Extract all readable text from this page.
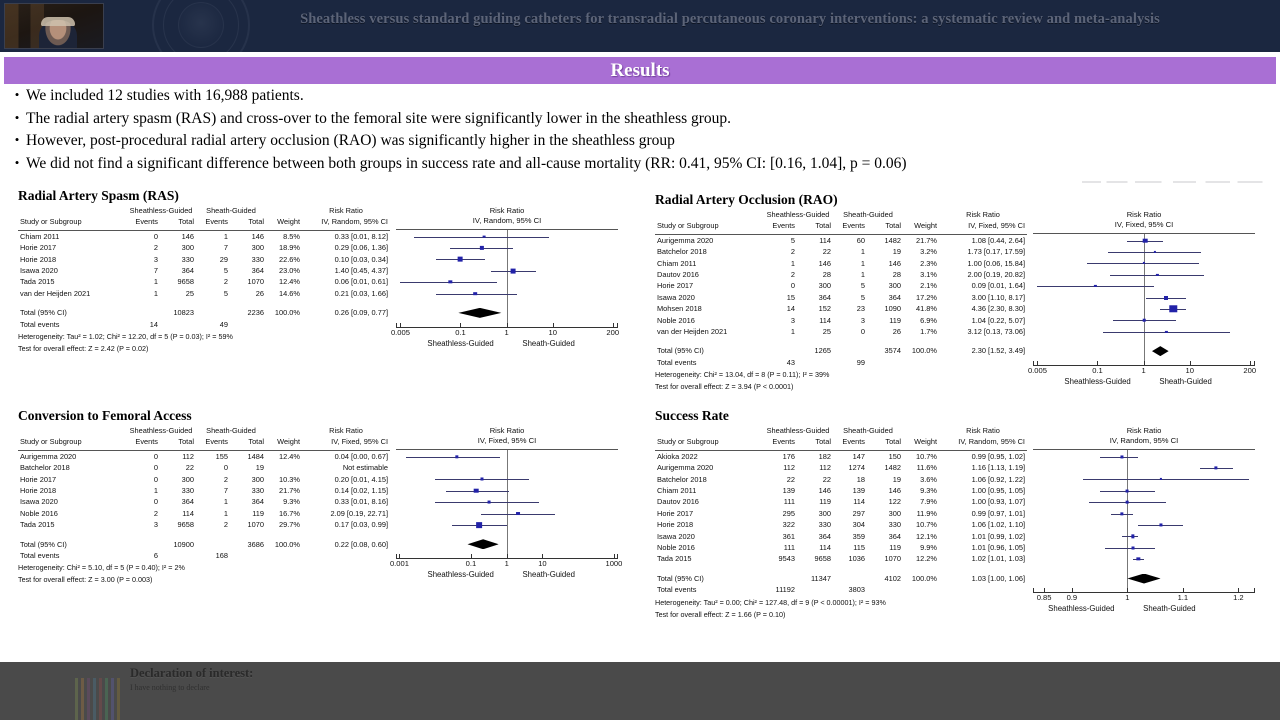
Sheathless versus standard guiding catheters for transradial percutaneous coronary interventions: a systematic review and meta-analysis
Results
• We included 12 studies with 16,988 patients.
• The radial artery spasm (RAS) and cross-over to the femoral site were significantly lower in the sheathless group.
• However, post-procedural radial artery occlusion (RAO) was significantly higher in the sheathless group
• We did not find a significant difference between both groups in success rate and all-cause mortality (RR: 0.41, 95% CI: [0.16, 1.04], p = 0.06)
Radial Artery Spasm (RAS)
	Sheathless-Guided		Sheath-Guided			Risk Ratio
Study or Subgroup	Events	Total	Events	Total	Weight	IV, Random, 95% CI

Chiam 2011	0	146	1	146	8.5%	0.33 [0.01, 8.12]
Horie 2017	2	300	7	300	18.9%	0.29 [0.06, 1.36]
Horie 2018	3	330	29	330	22.6%	0.10 [0.03, 0.34]
Isawa 2020	7	364	5	364	23.0%	1.40 [0.45, 4.37]
Tada 2015	1	9658	2	1070	12.4%	0.06 [0.01, 0.61]
van der Heijden 2021	1	25	5	26	14.6%	0.21 [0.03, 1.66]

Total (95% CI)		10823		2236	100.0%	0.26 [0.09, 0.77]
Total events	14		49			
Heterogeneity: Tau² = 1.02; Chi² = 12.20, df = 5 (P = 0.03); I² = 59%
Test for overall effect: Z = 2.42 (P = 0.02)
Risk Ratio
IV, Random, 95% CI
0.005	0.1	1	10	200
Sheathless-Guided	Sheath-Guided
Radial Artery Occlusion (RAO)
	Sheathless-Guided		Sheath-Guided			Risk Ratio
Study or Subgroup	Events	Total	Events	Total	Weight	IV, Fixed, 95% CI

Aurigemma 2020	5	114	60	1482	21.7%	1.08 [0.44, 2.64]
Batchelor 2018	2	22	1	19	3.2%	1.73 [0.17, 17.59]
Chiam 2011	1	146	1	146	2.3%	1.00 [0.06, 15.84]
Dautov 2016	2	28	1	28	3.1%	2.00 [0.19, 20.82]
Horie 2017	0	300	5	300	2.1%	0.09 [0.01, 1.64]
Isawa 2020	15	364	5	364	17.2%	3.00 [1.10, 8.17]
Mohsen 2018	14	152	23	1090	41.8%	4.36 [2.30, 8.30]
Noble 2016	3	114	3	119	6.9%	1.04 [0.22, 5.07]
van der Heijden 2021	1	25	0	26	1.7%	3.12 [0.13, 73.06]

Total (95% CI)		1265		3574	100.0%	2.30 [1.52, 3.49]
Total events	43		99			
Heterogeneity: Chi² = 13.04, df = 8 (P = 0.11); I² = 39%
Test for overall effect: Z = 3.94 (P < 0.0001)
Risk Ratio
IV, Fixed, 95% CI
0.005	0.1	1	10	200
Sheathless-Guided	Sheath-Guided
Conversion to Femoral Access
	Sheathless-Guided		Sheath-Guided			Risk Ratio
Study or Subgroup	Events	Total	Events	Total	Weight	IV, Fixed, 95% CI

Aurigemma 2020	0	112	155	1484	12.4%	0.04 [0.00, 0.67]
Batchelor 2018	0	22	0	19		Not estimable
Horie 2017	0	300	2	300	10.3%	0.20 [0.01, 4.15]
Horie 2018	1	330	7	330	21.7%	0.14 [0.02, 1.15]
Isawa 2020	0	364	1	364	9.3%	0.33 [0.01, 8.16]
Noble 2016	2	114	1	119	16.7%	2.09 [0.19, 22.71]
Tada 2015	3	9658	2	1070	29.7%	0.17 [0.03, 0.99]

Total (95% CI)		10900		3686	100.0%	0.22 [0.08, 0.60]
Total events	6		168			
Heterogeneity: Chi² = 5.10, df = 5 (P = 0.40); I² = 2%
Test for overall effect: Z = 3.00 (P = 0.003)
Risk Ratio
IV, Fixed, 95% CI
0.001	0.1	1	10	1000
Sheathless-Guided	Sheath-Guided
Success Rate
	Sheathless-Guided		Sheath-Guided			Risk Ratio
Study or Subgroup	Events	Total	Events	Total	Weight	IV, Random, 95% CI

Akioka 2022	176	182	147	150	10.7%	0.99 [0.95, 1.02]
Aurigemma 2020	112	112	1274	1482	11.6%	1.16 [1.13, 1.19]
Batchelor 2018	22	22	18	19	3.6%	1.06 [0.92, 1.22]
Chiam 2011	139	146	139	146	9.3%	1.00 [0.95, 1.05]
Dautov 2016	111	119	114	122	7.9%	1.00 [0.93, 1.07]
Horie 2017	295	300	297	300	11.9%	0.99 [0.97, 1.01]
Horie 2018	322	330	304	330	10.7%	1.06 [1.02, 1.10]
Isawa 2020	361	364	359	364	12.1%	1.01 [0.99, 1.02]
Noble 2016	111	114	115	119	9.9%	1.01 [0.96, 1.05]
Tada 2015	9543	9658	1036	1070	12.2%	1.02 [1.01, 1.03]

Total (95% CI)		11347		4102	100.0%	1.03 [1.00, 1.06]
Total events	11192		3803			
Heterogeneity: Tau² = 0.00; Chi² = 127.48, df = 9 (P < 0.00001); I² = 93%
Test for overall effect: Z = 1.66 (P = 0.10)
Risk Ratio
IV, Random, 95% CI
0.85 0.9	1	1.1	1.2
Sheathless-Guided	Sheath-Guided
Declaration of interest:
I have nothing to declare
